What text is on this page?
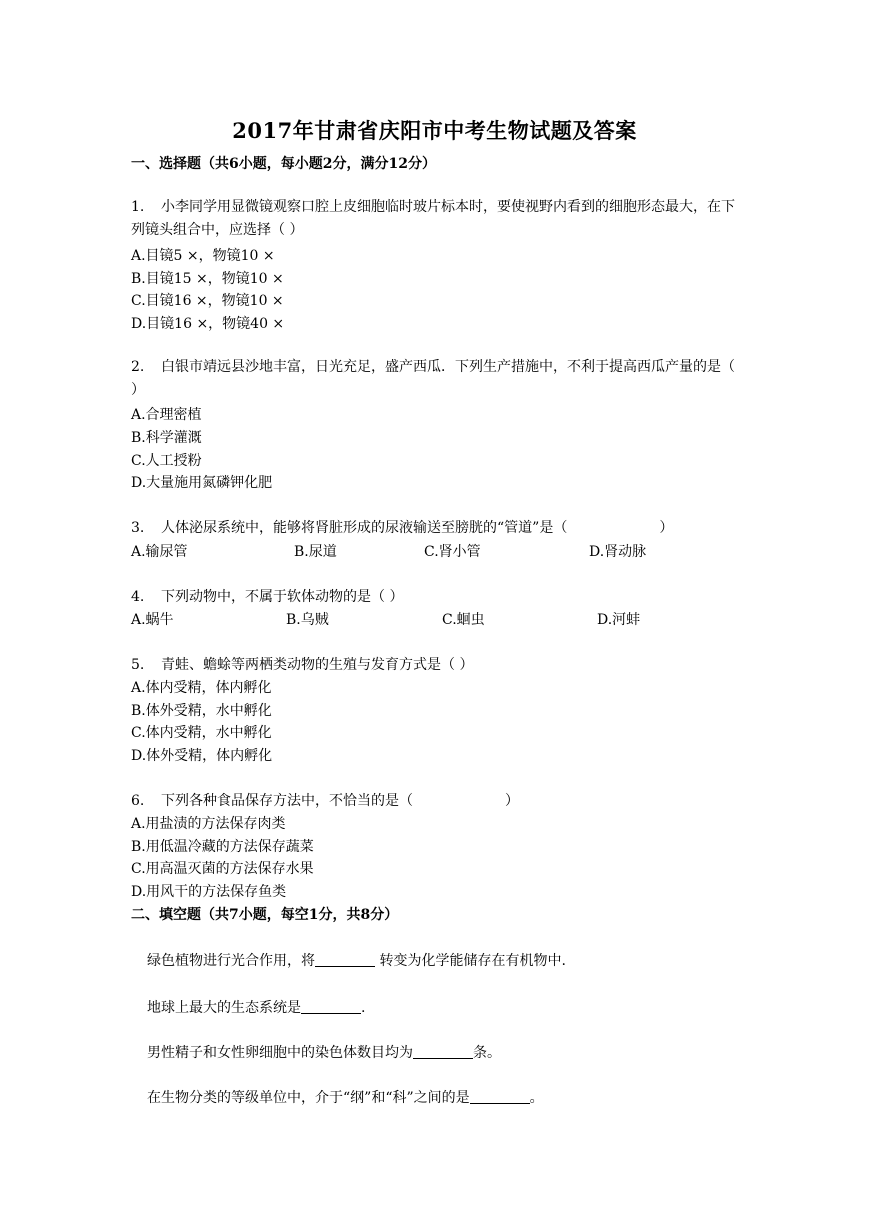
2017年甘肃省庆阳市中考生物试题及答案
一、选择题（共6小题，每小题2分，满分12分）
1. 小李同学用显微镜观察口腔上皮细胞临时玻片标本时，要使视野内看到的细胞形态最大，在下列镜头组合中，应选择（ ）
A.目镜5 ×，物镜10 ×
B.目镜15 ×，物镜10 ×
C.目镜16 ×，物镜10 ×
D.目镜16 ×，物镜40 ×
2. 白银市靖远县沙地丰富，日光充足，盛产西瓜．下列生产措施中，不利于提高西瓜产量的是（ ）
A.合理密植
B.科学灌溉
C.人工授粉
D.大量施用氮磷钾化肥
3. 人体泌尿系统中，能够将肾脏形成的尿液输送至膀胱的“管道”是（	）
A.输尿管	B.尿道	C.肾小管	D.肾动脉
4. 下列动物中，不属于软体动物的是（ ）
A.蜗牛	B.乌贼	C.蛔虫	D.河蚌
5. 青蛙、蟾蜍等两栖类动物的生殖与发育方式是（ ）
A.体内受精，体内孵化
B.体外受精，水中孵化
C.体内受精，水中孵化
D.体外受精，体内孵化
6. 下列各种食品保存方法中，不恰当的是（	）
A.用盐渍的方法保存肉类
B.用低温冷藏的方法保存蔬菜
C.用高温灭菌的方法保存水果
D.用风干的方法保存鱼类
二、填空题（共7小题，每空1分，共8分）
绿色植物进行光合作用，将	转变为化学能储存在有机物中.
地球上最大的生态系统是	.
男性精子和女性卵细胞中的染色体数目均为	条。
在生物分类的等级单位中，介于“纲”和“科”之间的是	。
